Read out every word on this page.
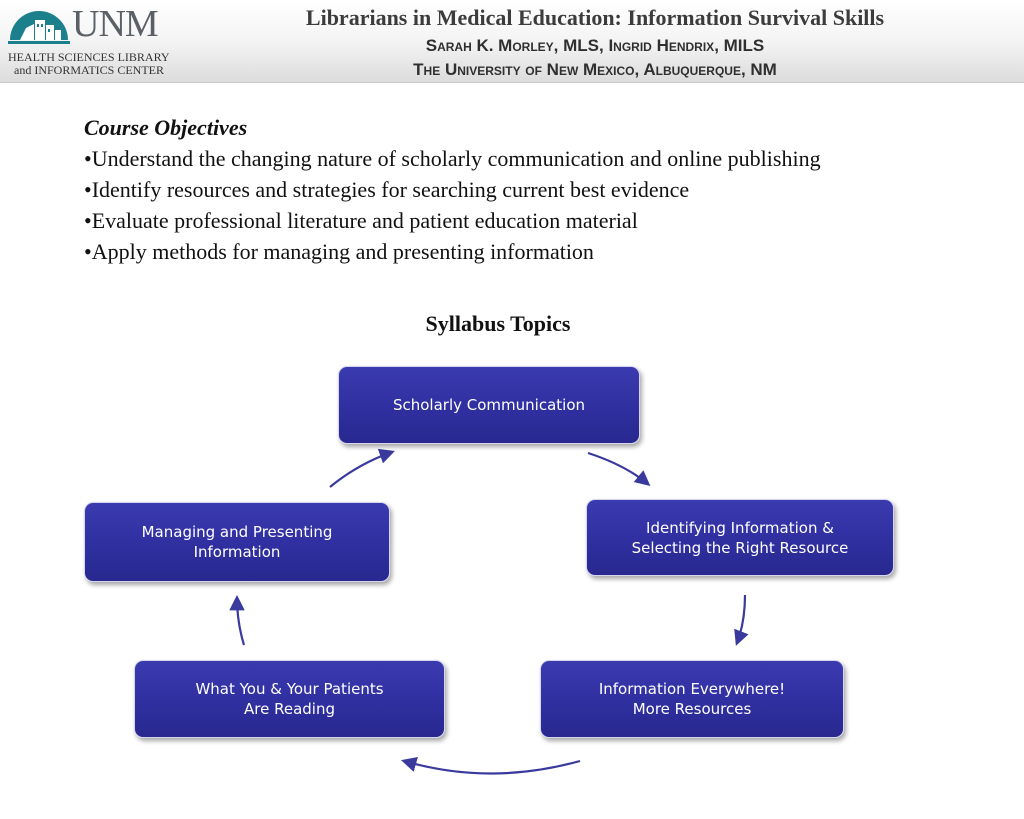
UNM
HEALTH SCIENCES LIBRARY
and INFORMATICS CENTER
Librarians in Medical Education: Information Survival Skills
Sarah K. Morley, MLS, Ingrid Hendrix, MILS
The University of New Mexico, Albuquerque, NM
Course Objectives
•Understand the changing nature of scholarly communication and online publishing
•Identify resources and strategies for searching current best evidence
•Evaluate professional literature and patient education material
•Apply methods for managing and presenting information
Syllabus Topics
Scholarly Communication
Identifying Information &
Selecting the Right Resource
Information Everywhere!
More Resources
What You & Your Patients
Are Reading
Managing and Presenting
Information
